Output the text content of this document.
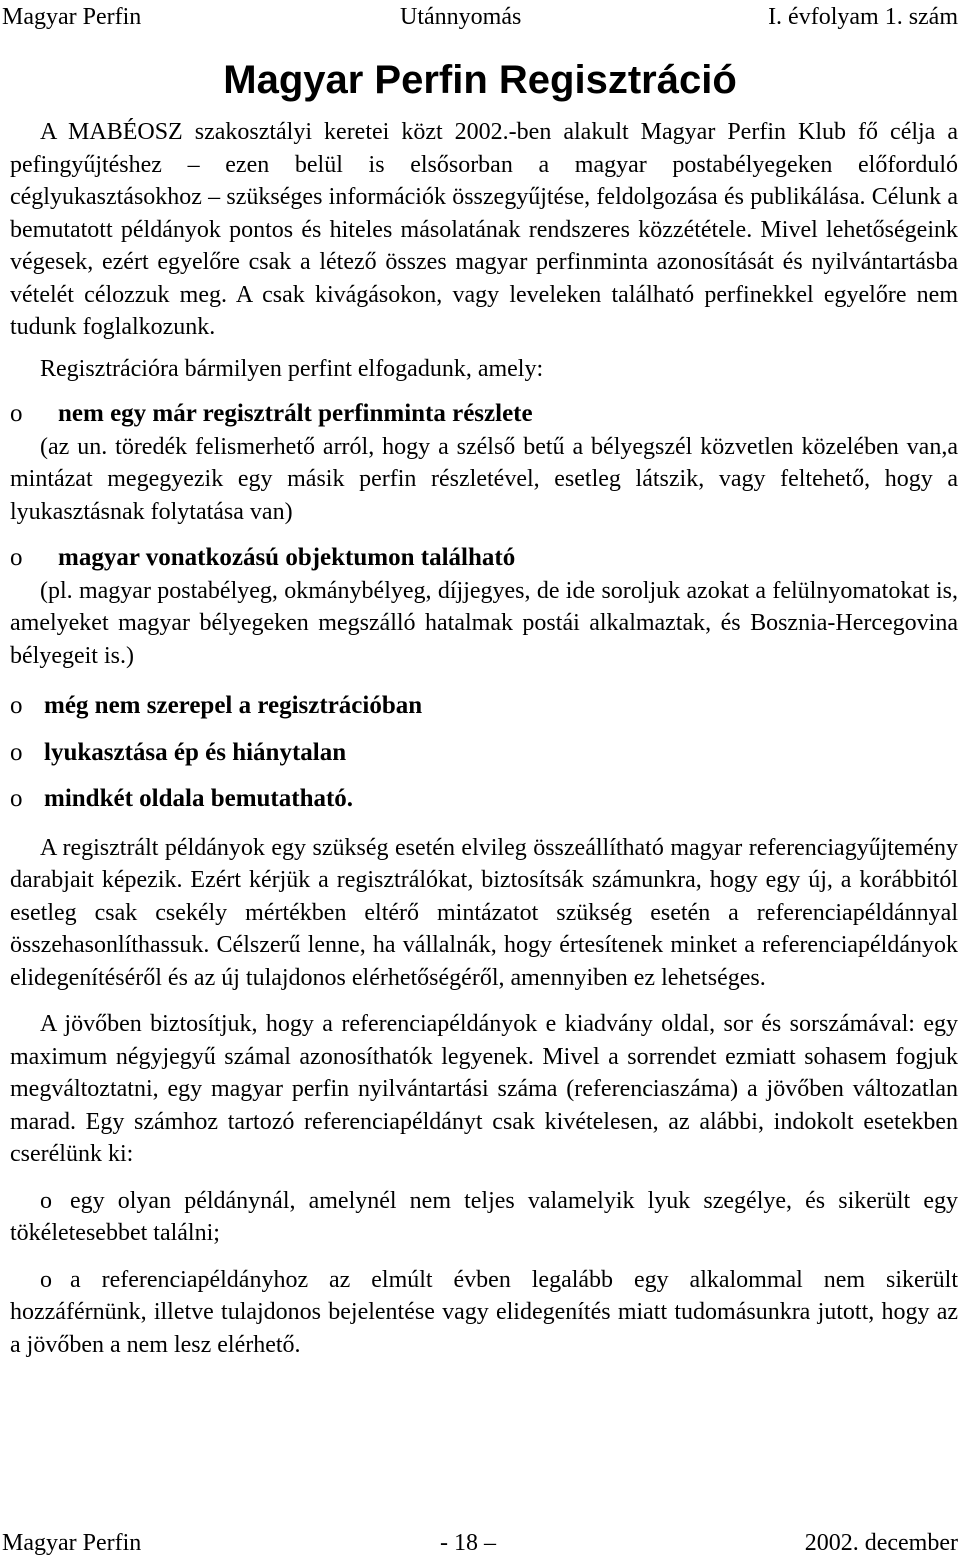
Magyar Perfin	Utánnyomás	I. évfolyam 1. szám
Magyar Perfin Regisztráció

A MABÉOSZ szakosztályi keretei közt 2002.-ben alakult Magyar Perfin Klub fő célja a pefingyűjtéshez – ezen belül is elsősorban a magyar postabélyegeken előforduló céglyukasztásokhoz – szükséges információk összegyűjtése, feldolgozása és publikálása. Célunk a bemutatott példányok pontos és hiteles másolatának rendszeres közzététele. Mivel lehetőségeink végesek, ezért egyelőre csak a létező összes magyar perfinminta azonosítását és nyilvántartásba vételét célozzuk meg. A csak kivágásokon, vagy leveleken található perfinekkel egyelőre nem tudunk foglalkozunk.

Regisztrációra bármilyen perfint elfogadunk, amely:

o	nem egy már regisztrált perfinminta részlete

(az un. töredék felismerhető arról, hogy a szélső betű a bélyegszél közvetlen közelében van,a mintázat megegyezik egy másik perfin részletével, esetleg látszik, vagy feltehető, hogy a lyukasztásnak folytatása van)

o	magyar vonatkozású objektumon található

(pl. magyar postabélyeg, okmánybélyeg, díjjegyes, de ide soroljuk azokat a felülnyomatokat is, amelyeket magyar bélyegeken megszálló hatalmak postái alkalmaztak, és Bosznia-Hercegovina bélyegeit is.)

o még nem szerepel a regisztrációban
o lyukasztása ép és hiánytalan
o mindkét oldala bemutatható.

A regisztrált példányok egy szükség esetén elvileg összeállítható magyar referenciagyűjtemény darabjait képezik. Ezért kérjük a regisztrálókat, biztosítsák számunkra, hogy egy új, a korábbitól esetleg csak csekély mértékben eltérő mintázatot szükség esetén a referenciapéldánnyal összehasonlíthassuk. Célszerű lenne, ha vállalnák, hogy értesítenek minket a referenciapéldányok elidegenítéséről és az új tulajdonos elérhetőségéről, amennyiben ez lehetséges.

A jövőben biztosítjuk, hogy a referenciapéldányok e kiadvány oldal, sor és sorszámával: egy maximum négyjegyű számal azonosíthatók legyenek. Mivel a sorrendet ezmiatt sohasem fogjuk megváltoztatni, egy magyar perfin nyilvántartási száma (referenciaszáma) a jövőben változatlan marad. Egy számhoz tartozó referenciapéldányt csak kivételesen, az alábbi, indokolt esetekben cserélünk ki:

o egy olyan példánynál, amelynél nem teljes valamelyik lyuk szegélye, és sikerült egy tökéletesebbet találni;

o a referenciapéldányhoz az elmúlt évben legalább egy alkalommal nem sikerült hozzáférnünk, illetve tulajdonos bejelentése vagy elidegenítés miatt tudomásunkra jutott, hogy az a jövőben a nem lesz elérhető.

Magyar Perfin	- 18 –	2002. december
